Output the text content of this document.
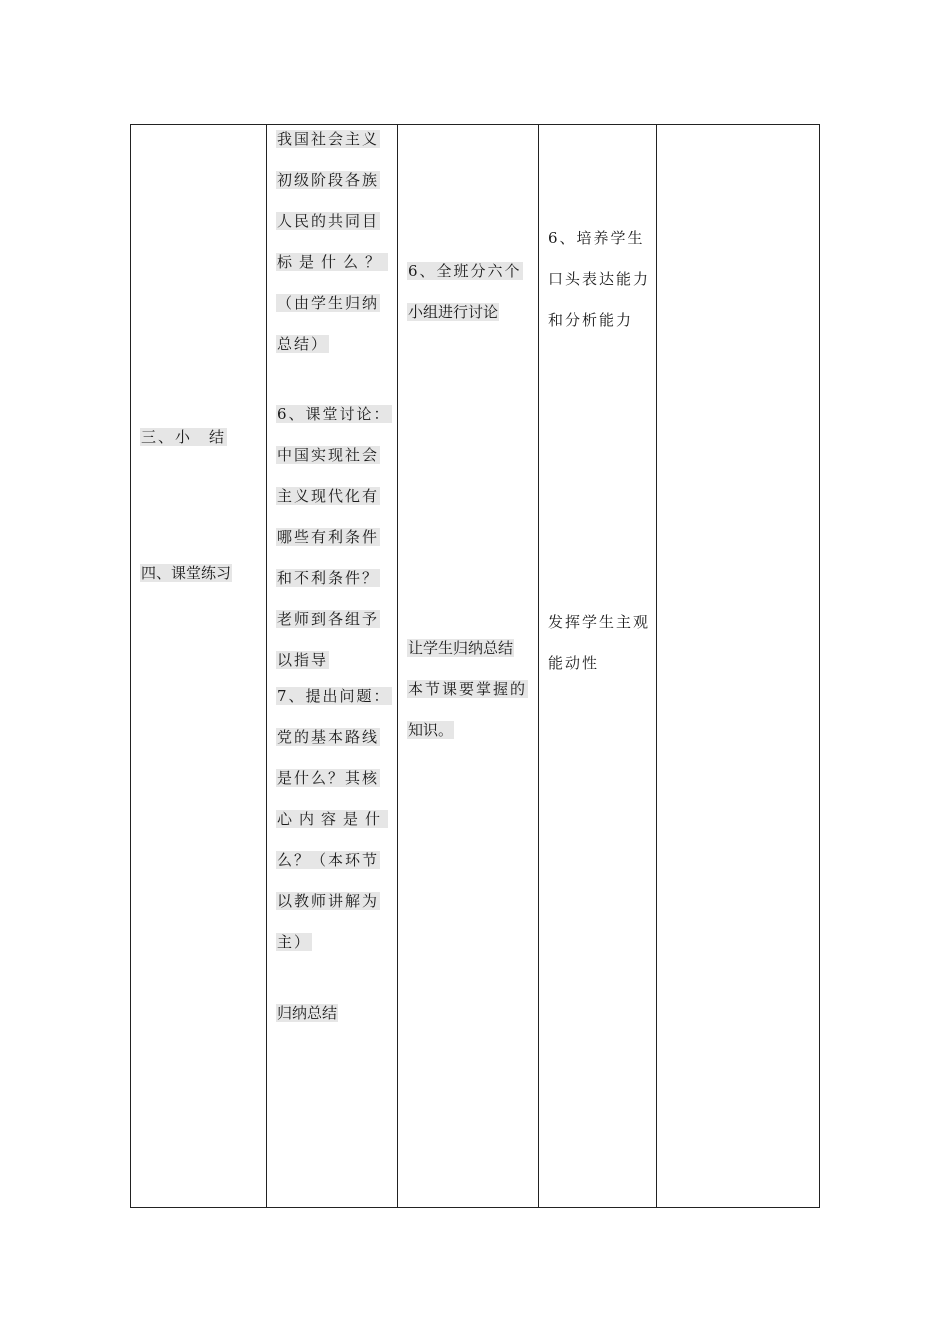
三、小　结
四、课堂练习
我国社会主义
初级阶段各族
人民的共同目
标是什么？
（由学生归纳
总结）
6、课堂讨论：
中国实现社会
主义现代化有
哪些有利条件
和不利条件？
老师到各组予
以指导
7、提出问题：
党的基本路线
是什么？其核
心内容是什
么？（本环节
以教师讲解为
主）
归纳总结
6、全班分六个
小组进行讨论
让学生归纳总结
本节课要掌握的
知识。
6、培养学生
口头表达能力
和分析能力
发挥学生主观
能动性
